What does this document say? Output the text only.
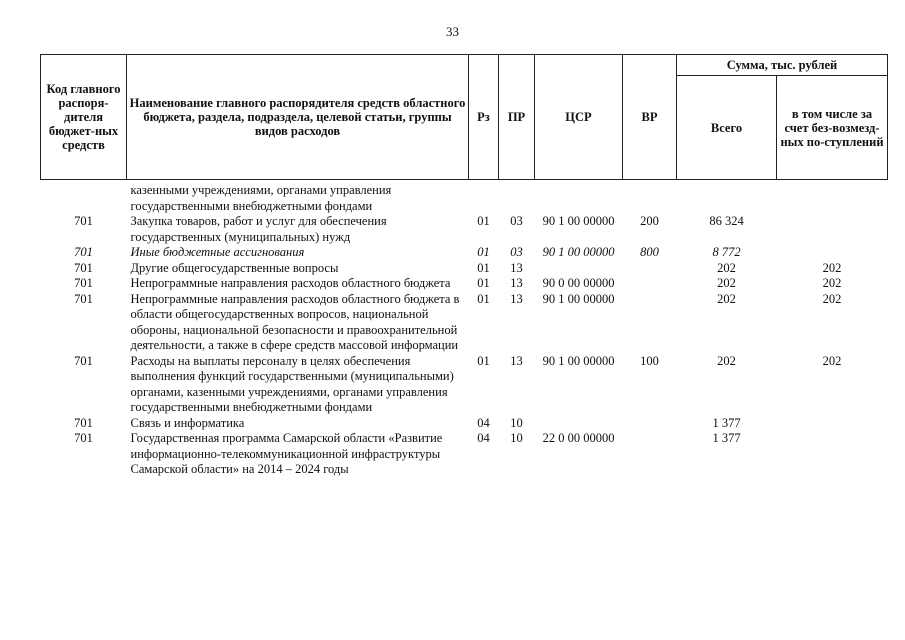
33
Код главного распоря-дителя бюджет-ных средств	Наименование главного распорядителя средств областного бюджета, раздела, подраздела, целевой статьи, группы видов расходов	Рз	ПР	ЦСР	ВР	Сумма, тыс. рублей	
						Всего	в том числе за счет без-возмезд-ных по-ступлений
	казенными учреждениями, органами управления государственными внебюджетными фондами						
701	Закупка товаров, работ и услуг для обеспечения государственных (муниципальных) нужд	01	03	90 1 00 00000	200	86 324	
701	Иные бюджетные ассигнования	01	03	90 1 00 00000	800	8 772	
701	Другие общегосударственные вопросы	01	13			202	202
701	Непрограммные направления расходов областного бюджета	01	13	90 0 00 00000		202	202
701	Непрограммные направления расходов областного бюджета в области общегосударственных вопросов, национальной обороны, национальной безопасности и правоохранительной деятельности, а также в сфере средств массовой информации	01	13	90 1 00 00000		202	202
701	Расходы на выплаты персоналу в целях обеспечения выполнения функций государственными (муниципальными) органами, казенными учреждениями, органами управления государственными внебюджетными фондами	01	13	90 1 00 00000	100	202	202
701	Связь и информатика	04	10			1 377	
701	Государственная программа Самарской области «Развитие информационно-телекоммуникационной инфраструктуры Самарской области» на 2014 – 2024 годы	04	10	22 0 00 00000		1 377	
